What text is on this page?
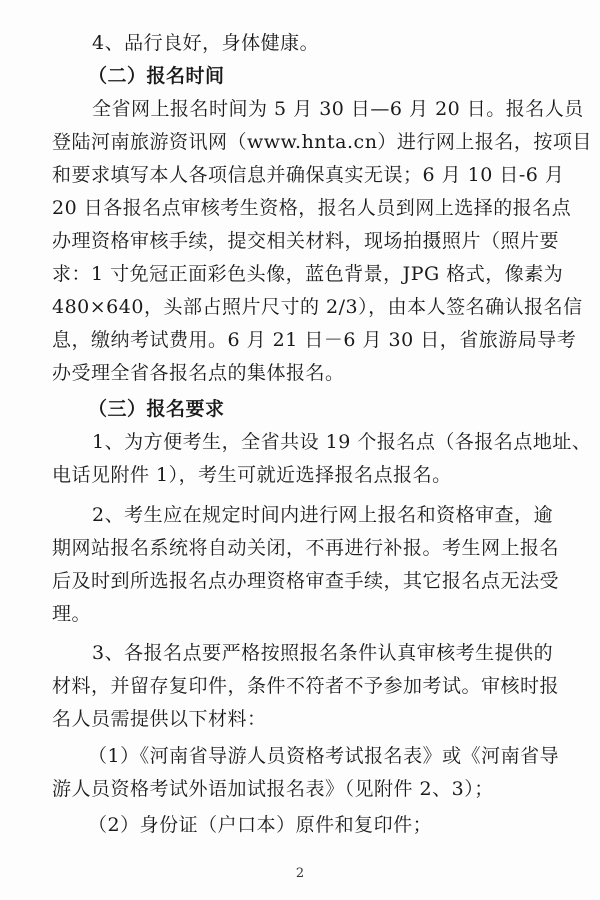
4、品行良好，身体健康。
（二）报名时间
全省网上报名时间为 5 月 30 日—6 月 20 日。报名人员
登陆河南旅游资讯网（www.hnta.cn）进行网上报名，按项目
和要求填写本人各项信息并确保真实无误；6 月 10 日-6 月
20 日各报名点审核考生资格，报名人员到网上选择的报名点
办理资格审核手续，提交相关材料，现场拍摄照片（照片要
求：1 寸免冠正面彩色头像，蓝色背景，JPG 格式，像素为
480×640，头部占照片尺寸的 2/3），由本人签名确认报名信
息，缴纳考试费用。6 月 21 日－6 月 30 日，省旅游局导考
办受理全省各报名点的集体报名。
（三）报名要求
1、为方便考生，全省共设 19 个报名点（各报名点地址、
电话见附件 1），考生可就近选择报名点报名。
2、考生应在规定时间内进行网上报名和资格审查，逾
期网站报名系统将自动关闭，不再进行补报。考生网上报名
后及时到所选报名点办理资格审查手续，其它报名点无法受
理。
3、各报名点要严格按照报名条件认真审核考生提供的
材料，并留存复印件，条件不符者不予参加考试。审核时报
名人员需提供以下材料：
（1）《河南省导游人员资格考试报名表》或《河南省导
游人员资格考试外语加试报名表》（见附件 2、3）；
（2）身份证（户口本）原件和复印件；
2
